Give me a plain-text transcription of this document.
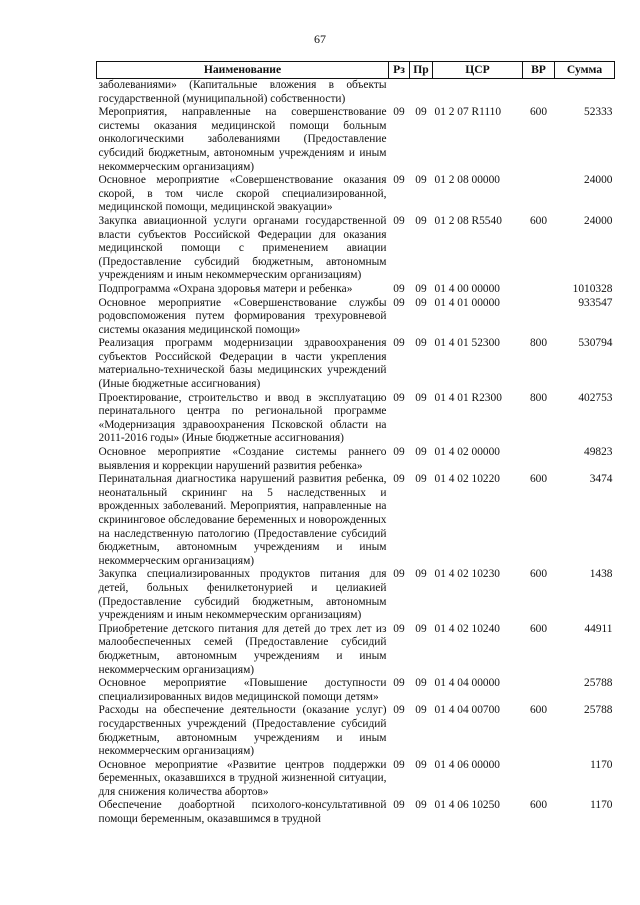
67
Наименование	Рз	Пр	ЦСР	ВР	Сумма
заболеваниями» (Капитальные вложения в объекты государственной (муниципальной) собственности)					
Мероприятия, направленные на совершенствование системы оказания медицинской помощи больным онкологическими заболеваниями (Предоставление субсидий бюджетным, автономным учреждениям и иным некоммерческим организациям)	09	09	01 2 07 R1110	600	52333
Основное мероприятие «Совершенствование оказания скорой, в том числе скорой специализированной, медицинской помощи, медицинской эвакуации»	09	09	01 2 08 00000		24000
Закупка авиационной услуги органами государственной власти субъектов Российской Федерации для оказания медицинской помощи с применением авиации (Предоставление субсидий бюджетным, автономным учреждениям и иным некоммерческим организациям)	09	09	01 2 08 R5540	600	24000
Подпрограмма «Охрана здоровья матери и ребенка»	09	09	01 4 00 00000		1010328
Основное мероприятие «Совершенствование службы родовспоможения путем формирования трехуровневой системы оказания медицинской помощи»	09	09	01 4 01 00000		933547
Реализация программ модернизации здравоохранения субъектов Российской Федерации в части укрепления материально-технической базы медицинских учреждений (Иные бюджетные ассигнования)	09	09	01 4 01 52300	800	530794
Проектирование, строительство и ввод в эксплуатацию перинатального центра по региональной программе «Модернизация здравоохранения Псковской области на 2011-2016 годы» (Иные бюджетные ассигнования)	09	09	01 4 01 R2300	800	402753
Основное мероприятие «Создание системы раннего выявления и коррекции нарушений развития ребенка»	09	09	01 4 02 00000		49823
Перинатальная диагностика нарушений развития ребенка, неонатальный скрининг на 5 наследственных и врожденных заболеваний. Мероприятия, направленные на скрининговое обследование беременных и новорожденных на наследственную патологию (Предоставление субсидий бюджетным, автономным учреждениям и иным некоммерческим организациям)	09	09	01 4 02 10220	600	3474
Закупка специализированных продуктов питания для детей, больных фенилкетонурией и целиакией (Предоставление субсидий бюджетным, автономным учреждениям и иным некоммерческим организациям)	09	09	01 4 02 10230	600	1438
Приобретение детского питания для детей до трех лет из малообеспеченных семей (Предоставление субсидий бюджетным, автономным учреждениям и иным некоммерческим организациям)	09	09	01 4 02 10240	600	44911
Основное мероприятие «Повышение доступности специализированных видов медицинской помощи детям»	09	09	01 4 04 00000		25788
Расходы на обеспечение деятельности (оказание услуг) государственных учреждений (Предоставление субсидий бюджетным, автономным учреждениям и иным некоммерческим организациям)	09	09	01 4 04 00700	600	25788
Основное мероприятие «Развитие центров поддержки беременных, оказавшихся в трудной жизненной ситуации, для снижения количества абортов»	09	09	01 4 06 00000		1170
Обеспечение доабортной психолого-консультативной помощи беременным, оказавшимся в трудной	09	09	01 4 06 10250	600	1170
